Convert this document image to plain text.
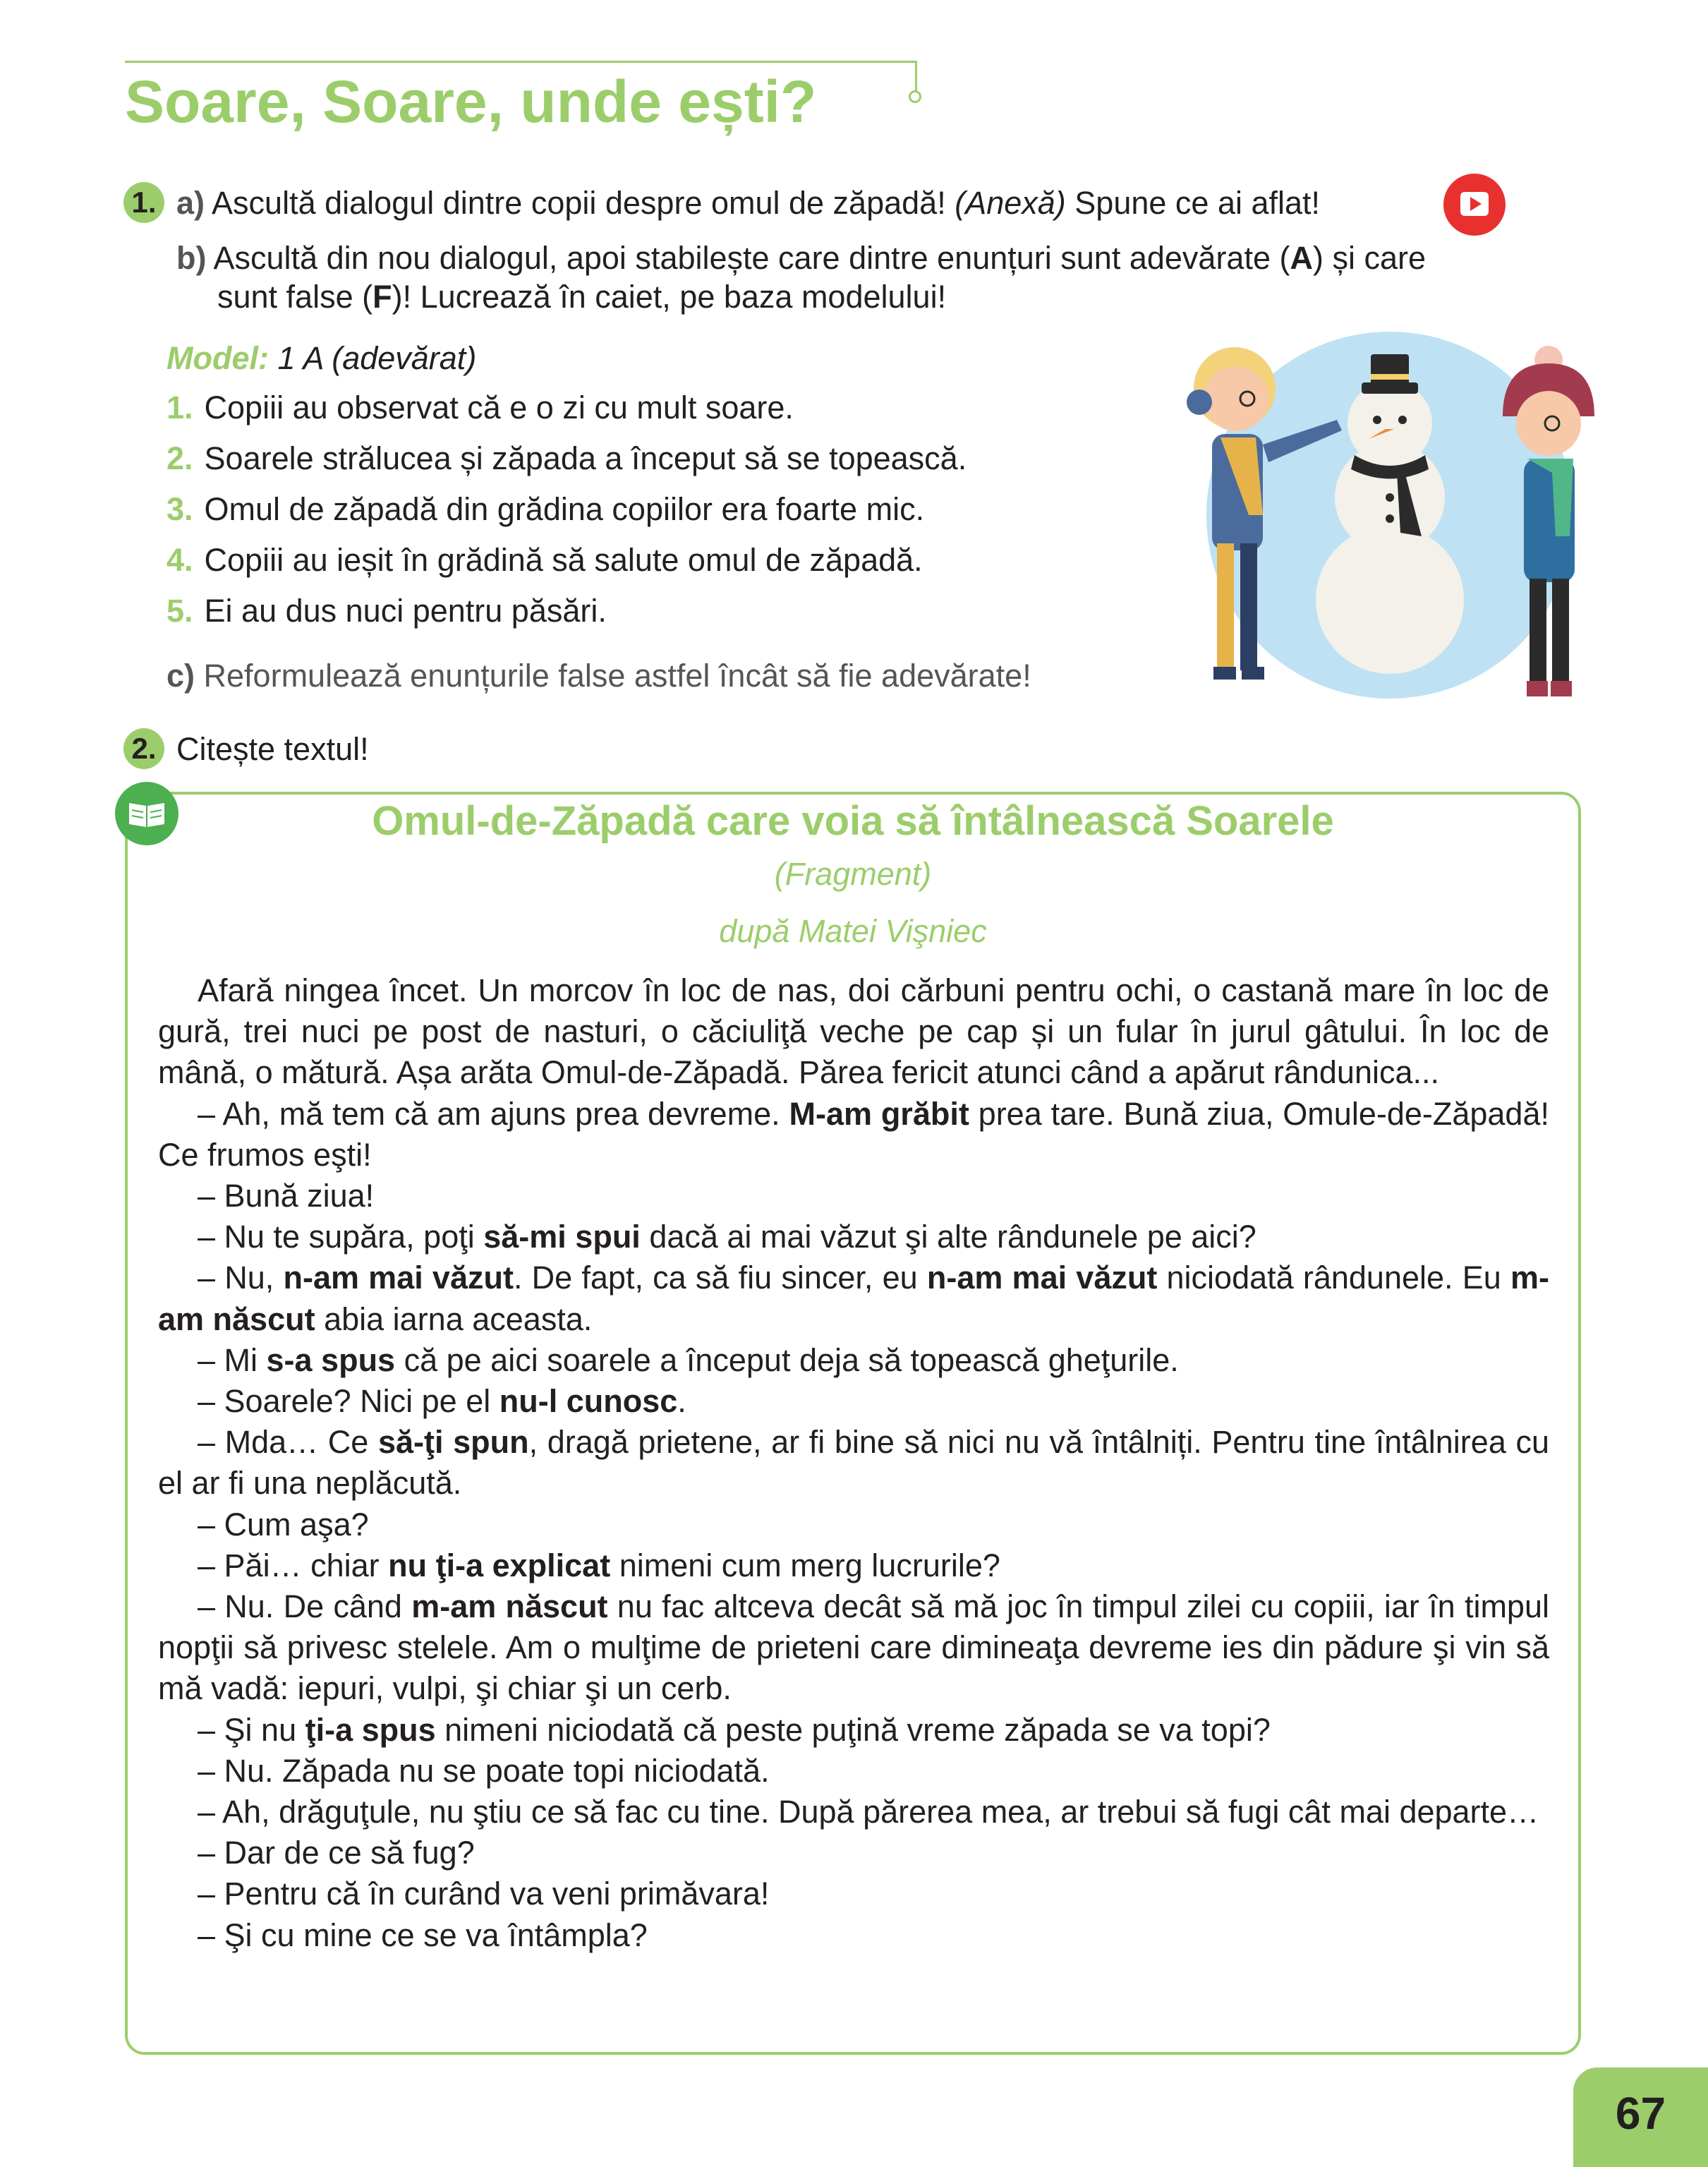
Soare, Soare, unde ești?
1. a) Ascultă dialogul dintre copii despre omul de zăpadă! (Anexă) Spune ce ai aflat!
b) Ascultă din nou dialogul, apoi stabilește care dintre enunțuri sunt adevărate (A) și care
sunt false (F)! Lucrează în caiet, pe baza modelului!
Model: 1 A (adevărat)
1. Copiii au observat că e o zi cu mult soare.
2. Soarele strălucea și zăpada a început să se topească.
3. Omul de zăpadă din grădina copiilor era foarte mic.
4. Copiii au ieșit în grădină să salute omul de zăpadă.
5. Ei au dus nuci pentru păsări.
c) Reformulează enunțurile false astfel încât să fie adevărate!
2. Citește textul!
Omul-de-Zăpadă care voia să întâlnească Soarele
(Fragment)
după Matei Vişniec
Afară ningea încet. Un morcov în loc de nas, doi cărbuni pentru ochi, o castană mare în loc de gură, trei nuci pe post de nasturi, o căciuliţă veche pe cap și un fular în jurul gâtului. În loc de mână, o mătură. Așa arăta Omul-de-Zăpadă. Părea fericit atunci când a apărut rândunica...
– Ah, mă tem că am ajuns prea devreme. M-am grăbit prea tare. Bună ziua, Omule-de-Zăpadă! Ce frumos eşti!
– Bună ziua!
– Nu te supăra, poţi să-mi spui dacă ai mai văzut şi alte rândunele pe aici?
– Nu, n-am mai văzut. De fapt, ca să fiu sincer, eu n-am mai văzut niciodată rândunele. Eu m-am născut abia iarna aceasta.
– Mi s-a spus că pe aici soarele a început deja să topească gheţurile.
– Soarele? Nici pe el nu-l cunosc.
– Mda… Ce să-ţi spun, dragă prietene, ar fi bine să nici nu vă întâlniți. Pentru tine întâlnirea cu el ar fi una neplăcută.
– Cum aşa?
– Păi… chiar nu ţi-a explicat nimeni cum merg lucrurile?
– Nu. De când m-am născut nu fac altceva decât să mă joc în timpul zilei cu copiii, iar în timpul nopţii să privesc stelele. Am o mulţime de prieteni care dimineaţa devreme ies din pădure şi vin să mă vadă: iepuri, vulpi, şi chiar şi un cerb.
– Şi nu ţi-a spus nimeni niciodată că peste puţină vreme zăpada se va topi?
– Nu. Zăpada nu se poate topi niciodată.
– Ah, drăguţule, nu ştiu ce să fac cu tine. După părerea mea, ar trebui să fugi cât mai departe…
– Dar de ce să fug?
– Pentru că în curând va veni primăvara!
– Şi cu mine ce se va întâmpla?
67
